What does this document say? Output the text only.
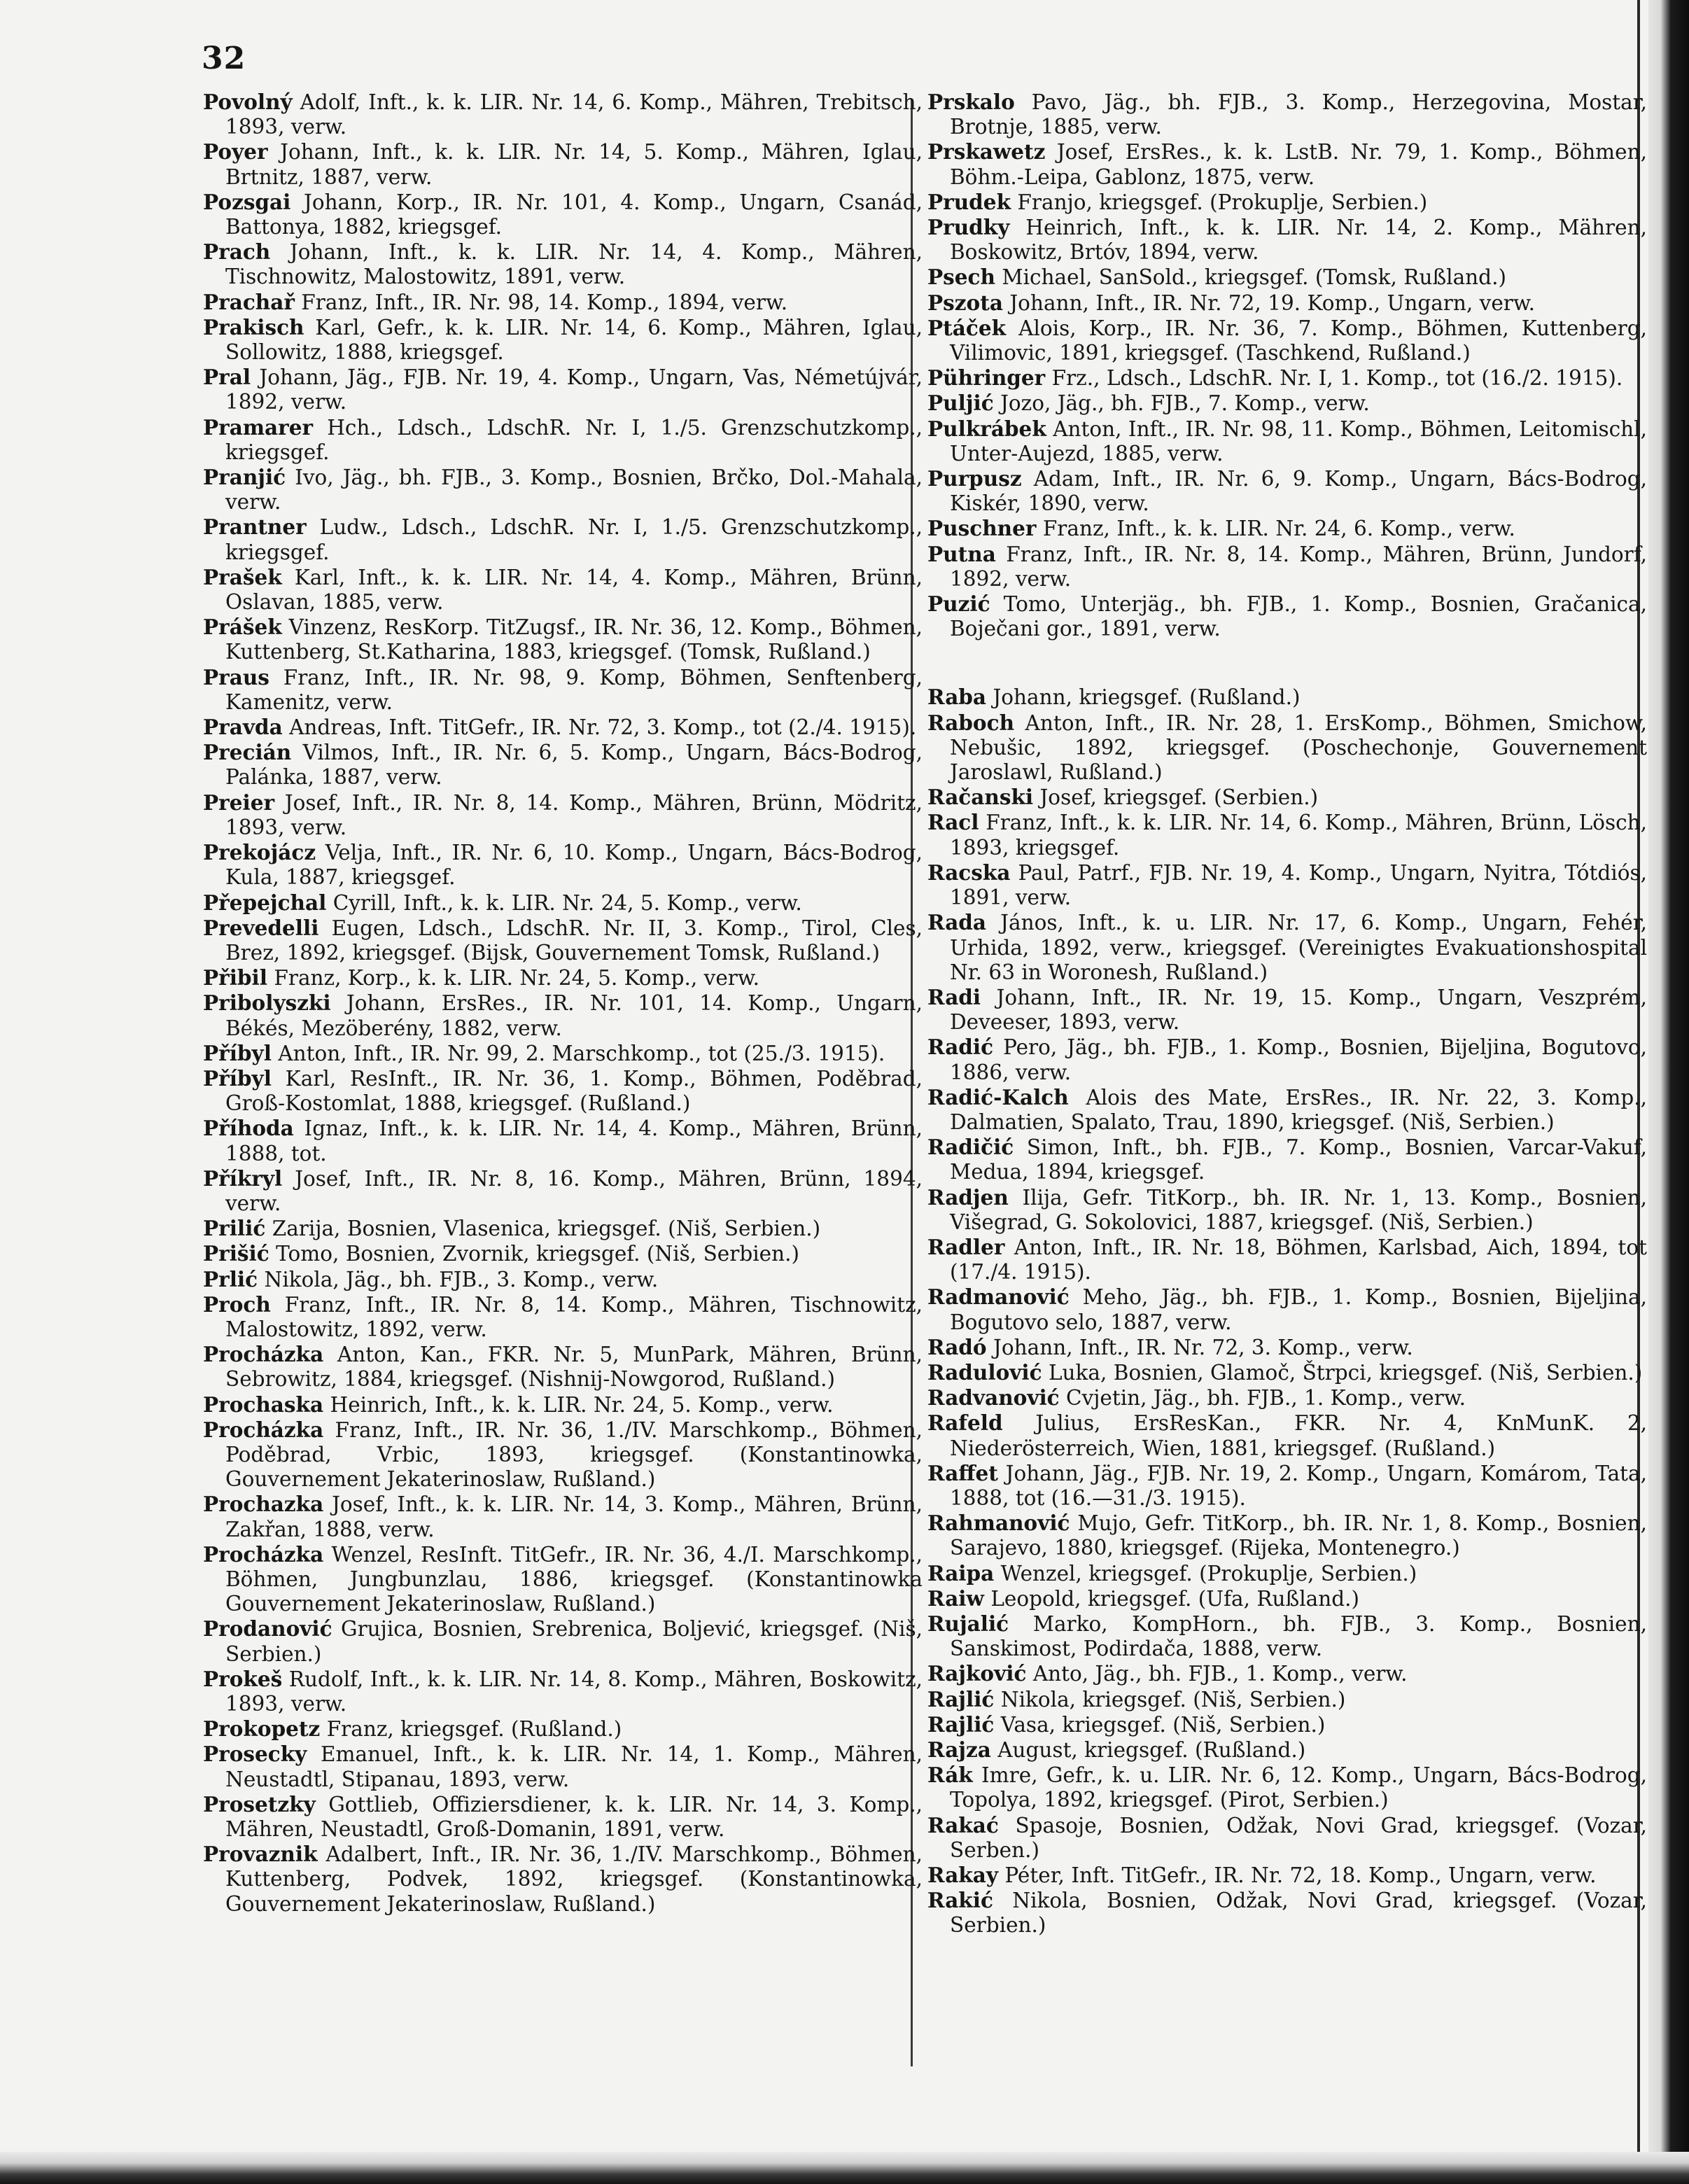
32

Povolný Adolf, Inft., k. k. LIR. Nr. 14, 6. Komp., Mähren, Trebitsch, 1893, verw.

Poyer Johann, Inft., k. k. LIR. Nr. 14, 5. Komp., Mähren, Iglau, Brtnitz, 1887, verw.

Pozsgai Johann, Korp., IR. Nr. 101, 4. Komp., Ungarn, Csanád, Battonya, 1882, kriegsgef.

Prach Johann, Inft., k. k. LIR. Nr. 14, 4. Komp., Mähren, Tischnowitz, Malostowitz, 1891, verw.

Prachař Franz, Inft., IR. Nr. 98, 14. Komp., 1894, verw.

Prakisch Karl, Gefr., k. k. LIR. Nr. 14, 6. Komp., Mähren, Iglau, Sollowitz, 1888, kriegsgef.

Pral Johann, Jäg., FJB. Nr. 19, 4. Komp., Ungarn, Vas, Németújvár, 1892, verw.

Pramarer Hch., Ldsch., LdschR. Nr. I, 1./5. Grenzschutzkomp., kriegsgef.

Pranjić Ivo, Jäg., bh. FJB., 3. Komp., Bosnien, Brčko, Dol.-Mahala, verw.

Prantner Ludw., Ldsch., LdschR. Nr. I, 1./5. Grenzschutzkomp., kriegsgef.

Prašek Karl, Inft., k. k. LIR. Nr. 14, 4. Komp., Mähren, Brünn, Oslavan, 1885, verw.

Prášek Vinzenz, ResKorp. TitZugsf., IR. Nr. 36, 12. Komp., Böhmen, Kuttenberg, St.Katharina, 1883, kriegsgef. (Tomsk, Rußland.)

Praus Franz, Inft., IR. Nr. 98, 9. Komp, Böhmen, Senftenberg, Kamenitz, verw.

Pravda Andreas, Inft. TitGefr., IR. Nr. 72, 3. Komp., tot (2./4. 1915).

Precián Vilmos, Inft., IR. Nr. 6, 5. Komp., Ungarn, Bács-Bodrog, Palánka, 1887, verw.

Preier Josef, Inft., IR. Nr. 8, 14. Komp., Mähren, Brünn, Mödritz, 1893, verw.

Prekojácz Velja, Inft., IR. Nr. 6, 10. Komp., Ungarn, Bács-Bodrog, Kula, 1887, kriegsgef.

Přepejchal Cyrill, Inft., k. k. LIR. Nr. 24, 5. Komp., verw.

Prevedelli Eugen, Ldsch., LdschR. Nr. II, 3. Komp., Tirol, Cles, Brez, 1892, kriegsgef. (Bijsk, Gouvernement Tomsk, Rußland.)

Přibil Franz, Korp., k. k. LIR. Nr. 24, 5. Komp., verw.

Pribolyszki Johann, ErsRes., IR. Nr. 101, 14. Komp., Ungarn, Békés, Mezöberény, 1882, verw.

Příbyl Anton, Inft., IR. Nr. 99, 2. Marschkomp., tot (25./3. 1915).

Příbyl Karl, ResInft., IR. Nr. 36, 1. Komp., Böhmen, Poděbrad, Groß-Kostomlat, 1888, kriegsgef. (Rußland.)

Příhoda Ignaz, Inft., k. k. LIR. Nr. 14, 4. Komp., Mähren, Brünn, 1888, tot.

Příkryl Josef, Inft., IR. Nr. 8, 16. Komp., Mähren, Brünn, 1894, verw.

Prilić Zarija, Bosnien, Vlasenica, kriegsgef. (Niš, Serbien.)

Prišić Tomo, Bosnien, Zvornik, kriegsgef. (Niš, Serbien.)

Prlić Nikola, Jäg., bh. FJB., 3. Komp., verw.

Proch Franz, Inft., IR. Nr. 8, 14. Komp., Mähren, Tischnowitz, Malostowitz, 1892, verw.

Procházka Anton, Kan., FKR. Nr. 5, MunPark, Mähren, Brünn, Sebrowitz, 1884, kriegsgef. (Nishnij-Nowgorod, Rußland.)

Prochaska Heinrich, Inft., k. k. LIR. Nr. 24, 5. Komp., verw.

Procházka Franz, Inft., IR. Nr. 36, 1./IV. Marschkomp., Böhmen, Poděbrad, Vrbic, 1893, kriegsgef. (Konstantinowka, Gouvernement Jekaterinoslaw, Rußland.)

Prochazka Josef, Inft., k. k. LIR. Nr. 14, 3. Komp., Mähren, Brünn, Zakřan, 1888, verw.

Procházka Wenzel, ResInft. TitGefr., IR. Nr. 36, 4./I. Marschkomp., Böhmen, Jungbunzlau, 1886, kriegsgef. (Konstantinowka Gouvernement Jekaterinoslaw, Rußland.)

Prodanović Grujica, Bosnien, Srebrenica, Boljević, kriegsgef. (Niš, Serbien.)

Prokeš Rudolf, Inft., k. k. LIR. Nr. 14, 8. Komp., Mähren, Boskowitz, 1893, verw.

Prokopetz Franz, kriegsgef. (Rußland.)

Prosecky Emanuel, Inft., k. k. LIR. Nr. 14, 1. Komp., Mähren, Neustadtl, Stipanau, 1893, verw.

Prosetzky Gottlieb, Offiziersdiener, k. k. LIR. Nr. 14, 3. Komp., Mähren, Neustadtl, Groß-Domanin, 1891, verw.

Provaznik Adalbert, Inft., IR. Nr. 36, 1./IV. Marschkomp., Böhmen, Kuttenberg, Podvek, 1892, kriegsgef. (Konstantinowka, Gouvernement Jekaterinoslaw, Rußland.)

Prskalo Pavo, Jäg., bh. FJB., 3. Komp., Herzegovina, Mostar, Brotnje, 1885, verw.

Prskawetz Josef, ErsRes., k. k. LstB. Nr. 79, 1. Komp., Böhmen, Böhm.-Leipa, Gablonz, 1875, verw.

Prudek Franjo, kriegsgef. (Prokuplje, Serbien.)

Prudky Heinrich, Inft., k. k. LIR. Nr. 14, 2. Komp., Mähren, Boskowitz, Brtóv, 1894, verw.

Psech Michael, SanSold., kriegsgef. (Tomsk, Rußland.)

Pszota Johann, Inft., IR. Nr. 72, 19. Komp., Ungarn, verw.

Ptáček Alois, Korp., IR. Nr. 36, 7. Komp., Böhmen, Kuttenberg, Vilimovic, 1891, kriegsgef. (Taschkend, Rußland.)

Pühringer Frz., Ldsch., LdschR. Nr. I, 1. Komp., tot (16./2. 1915).

Puljić Jozo, Jäg., bh. FJB., 7. Komp., verw.

Pulkrábek Anton, Inft., IR. Nr. 98, 11. Komp., Böhmen, Leitomischl, Unter-Aujezd, 1885, verw.

Purpusz Adam, Inft., IR. Nr. 6, 9. Komp., Ungarn, Bács-Bodrog, Kiskér, 1890, verw.

Puschner Franz, Inft., k. k. LIR. Nr. 24, 6. Komp., verw.

Putna Franz, Inft., IR. Nr. 8, 14. Komp., Mähren, Brünn, Jundorf, 1892, verw.

Puzić Tomo, Unterjäg., bh. FJB., 1. Komp., Bosnien, Gračanica, Boječani gor., 1891, verw.

Raba Johann, kriegsgef. (Rußland.)

Raboch Anton, Inft., IR. Nr. 28, 1. ErsKomp., Böhmen, Smichow, Nebušic, 1892, kriegsgef. (Poschechonje, Gouvernement Jaroslawl, Rußland.)

Račanski Josef, kriegsgef. (Serbien.)

Racl Franz, Inft., k. k. LIR. Nr. 14, 6. Komp., Mähren, Brünn, Lösch, 1893, kriegsgef.

Racska Paul, Patrf., FJB. Nr. 19, 4. Komp., Ungarn, Nyitra, Tótdiós, 1891, verw.

Rada János, Inft., k. u. LIR. Nr. 17, 6. Komp., Ungarn, Fehér, Urhida, 1892, verw., kriegsgef. (Vereinigtes Evakuationshospital Nr. 63 in Woronesh, Rußland.)

Radi Johann, Inft., IR. Nr. 19, 15. Komp., Ungarn, Veszprém, Deveeser, 1893, verw.

Radić Pero, Jäg., bh. FJB., 1. Komp., Bosnien, Bijeljina, Bogutovo, 1886, verw.

Radić-Kalch Alois des Mate, ErsRes., IR. Nr. 22, 3. Komp., Dalmatien, Spalato, Trau, 1890, kriegsgef. (Niš, Serbien.)

Radičić Simon, Inft., bh. FJB., 7. Komp., Bosnien, Varcar-Vakuf, Medua, 1894, kriegsgef.

Radjen Ilija, Gefr. TitKorp., bh. IR. Nr. 1, 13. Komp., Bosnien, Višegrad, G. Sokolovici, 1887, kriegsgef. (Niš, Serbien.)

Radler Anton, Inft., IR. Nr. 18, Böhmen, Karlsbad, Aich, 1894, tot (17./4. 1915).

Radmanović Meho, Jäg., bh. FJB., 1. Komp., Bosnien, Bijeljina, Bogutovo selo, 1887, verw.

Radó Johann, Inft., IR. Nr. 72, 3. Komp., verw.

Radulović Luka, Bosnien, Glamoč, Štrpci, kriegsgef. (Niš, Serbien.)

Radvanović Cvjetin, Jäg., bh. FJB., 1. Komp., verw.

Rafeld Julius, ErsResKan., FKR. Nr. 4, KnMunK. 2, Niederösterreich, Wien, 1881, kriegsgef. (Rußland.)

Raffet Johann, Jäg., FJB. Nr. 19, 2. Komp., Ungarn, Komárom, Tata, 1888, tot (16.—31./3. 1915).

Rahmanović Mujo, Gefr. TitKorp., bh. IR. Nr. 1, 8. Komp., Bosnien, Sarajevo, 1880, kriegsgef. (Rijeka, Montenegro.)

Raipa Wenzel, kriegsgef. (Prokuplje, Serbien.)

Raiw Leopold, kriegsgef. (Ufa, Rußland.)

Rujalić Marko, KompHorn., bh. FJB., 3. Komp., Bosnien, Sanskimost, Podirdača, 1888, verw.

Rajković Anto, Jäg., bh. FJB., 1. Komp., verw.

Rajlić Nikola, kriegsgef. (Niš, Serbien.)

Rajlić Vasa, kriegsgef. (Niš, Serbien.)

Rajza August, kriegsgef. (Rußland.)

Rák Imre, Gefr., k. u. LIR. Nr. 6, 12. Komp., Ungarn, Bács-Bodrog, Topolya, 1892, kriegsgef. (Pirot, Serbien.)

Rakać Spasoje, Bosnien, Odžak, Novi Grad, kriegsgef. (Vozar, Serben.)

Rakay Péter, Inft. TitGefr., IR. Nr. 72, 18. Komp., Ungarn, verw.

Rakić Nikola, Bosnien, Odžak, Novi Grad, kriegsgef. (Vozar, Serbien.)
